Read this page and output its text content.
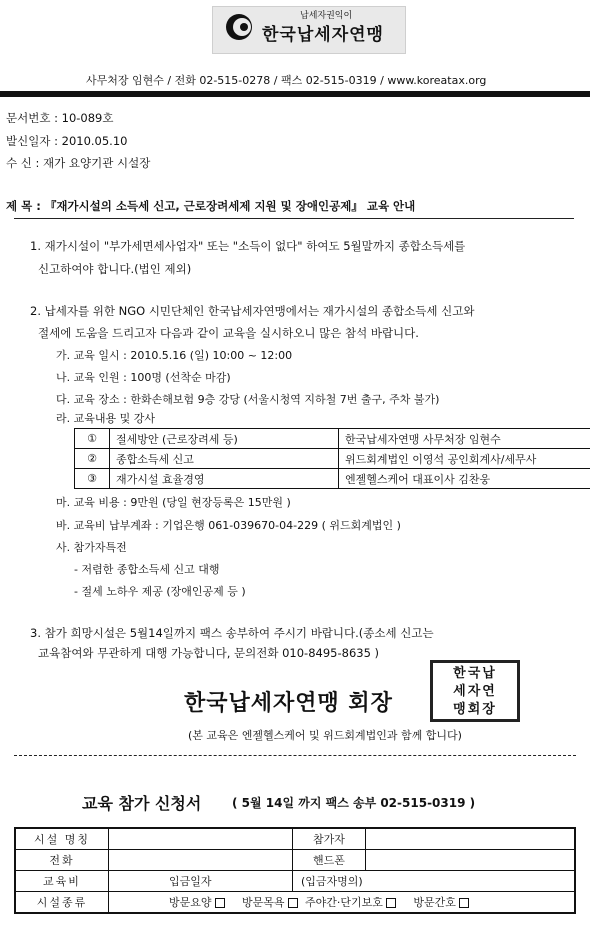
납세자권익이
한국납세자연맹
사무처장 임현수 / 전화 02-515-0278 / 팩스 02-515-0319 / www.koreatax.org
문서번호 : 10-089호
발신일자 : 2010.05.10
수 신 : 재가 요양기관 시설장
제 목 : 『재가시설의 소득세 신고, 근로장려세제 지원 및 장애인공제』 교육 안내
1. 재가시설이 "부가세면세사업자" 또는 "소득이 없다" 하여도 5월말까지 종합소득세를
신고하여야 합니다.(법인 제외)
2. 납세자를 위한 NGO 시민단체인 한국납세자연맹에서는 재가시설의 종합소득세 신고와
절세에 도움을 드리고자 다음과 같이 교육을 실시하오니 많은 참석 바랍니다.
가. 교육 일시 : 2010.5.16 (일) 10:00 ~ 12:00
나. 교육 인원 : 100명 (선착순 마감)
다. 교육 장소 : 한화손해보험 9층 강당 (서울시청역 지하철 7번 출구, 주차 불가)
라. 교육내용 및 강사
①	절세방안 (근로장려세 등)	한국납세자연맹 사무처장 임현수
②	종합소득세 신고	위드회계법인 이영석 공인회계사/세무사
③	재가시설 효율경영	엔젤헬스케어 대표이사 김찬웅
마. 교육 비용 : 9만원 (당일 현장등록은 15만원 )
바. 교육비 납부계좌 : 기업은행 061-039670-04-229 ( 위드회계법인 )
사. 참가자특전
- 저렴한 종합소득세 신고 대행
- 절세 노하우 제공 (장애인공제 등 )
3. 참가 희망시설은 5월14일까지 팩스 송부하여 주시기 바랍니다.(종소세 신고는
교육참여와 무관하게 대행 가능합니다, 문의전화 010-8495-8635 )
한국납세자연맹 회장
한국납
세자연
맹회장
(본 교육은 엔젤헬스케어 및 위드회계법인과 함께 합니다)
교육 참가 신청서	( 5월 14일 까지 팩스 송부 02-515-0319 )
시설 명칭		참가자	
전화		핸드폰	
교육비	입금일자	(입금자명의)	
시설종류	방문요양 방문목욕 주야간·단기보호 방문간호		
